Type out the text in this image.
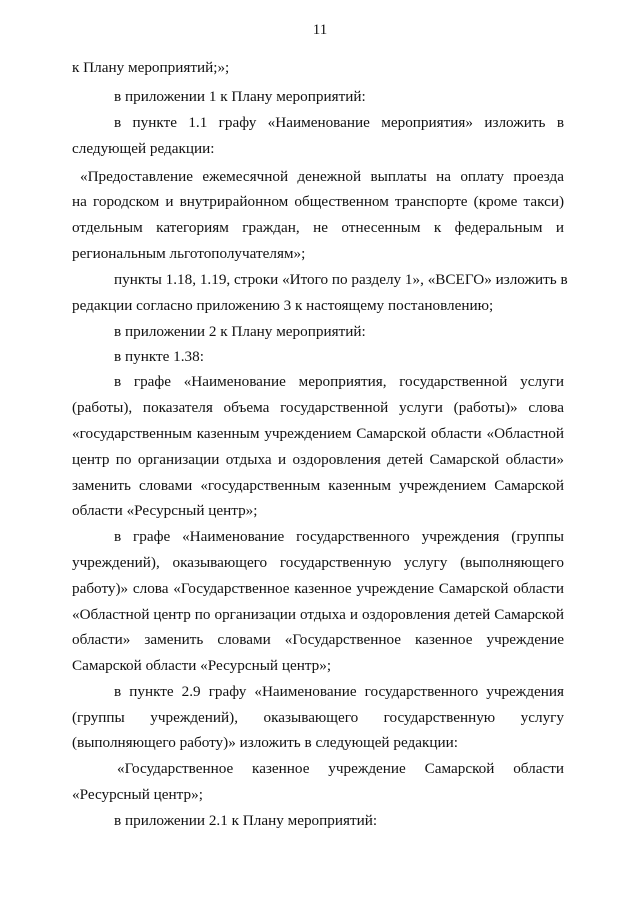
11
к Плану мероприятий;»;
в приложении 1 к Плану мероприятий:
в пункте 1.1 графу «Наименование мероприятия» изложить в
следующей редакции:
«Предоставление ежемесячной денежной выплаты на оплату проезда
на городском и внутрирайонном общественном транспорте (кроме такси)
отдельным категориям граждан, не отнесенным к федеральным и
региональным льготополучателям»;
пункты 1.18, 1.19, строки «Итого по разделу 1», «ВСЕГО» изложить в
редакции согласно приложению 3 к настоящему постановлению;
в приложении 2 к Плану мероприятий:
в пункте 1.38:
в графе «Наименование мероприятия, государственной услуги
(работы), показателя объема государственной услуги (работы)» слова
«государственным казенным учреждением Самарской области «Областной
центр по организации отдыха и оздоровления детей Самарской области»
заменить словами «государственным казенным учреждением Самарской
области «Ресурсный центр»;
в графе «Наименование государственного учреждения (группы
учреждений), оказывающего государственную услугу (выполняющего
работу)» слова «Государственное казенное учреждение Самарской области
«Областной центр по организации отдыха и оздоровления детей Самарской
области» заменить словами «Государственное казенное учреждение
Самарской области «Ресурсный центр»;
в пункте 2.9 графу «Наименование государственного учреждения
(группы учреждений), оказывающего государственную услугу
(выполняющего работу)» изложить в следующей редакции:
«Государственное казенное учреждение Самарской области
«Ресурсный центр»;
в приложении 2.1 к Плану мероприятий:
